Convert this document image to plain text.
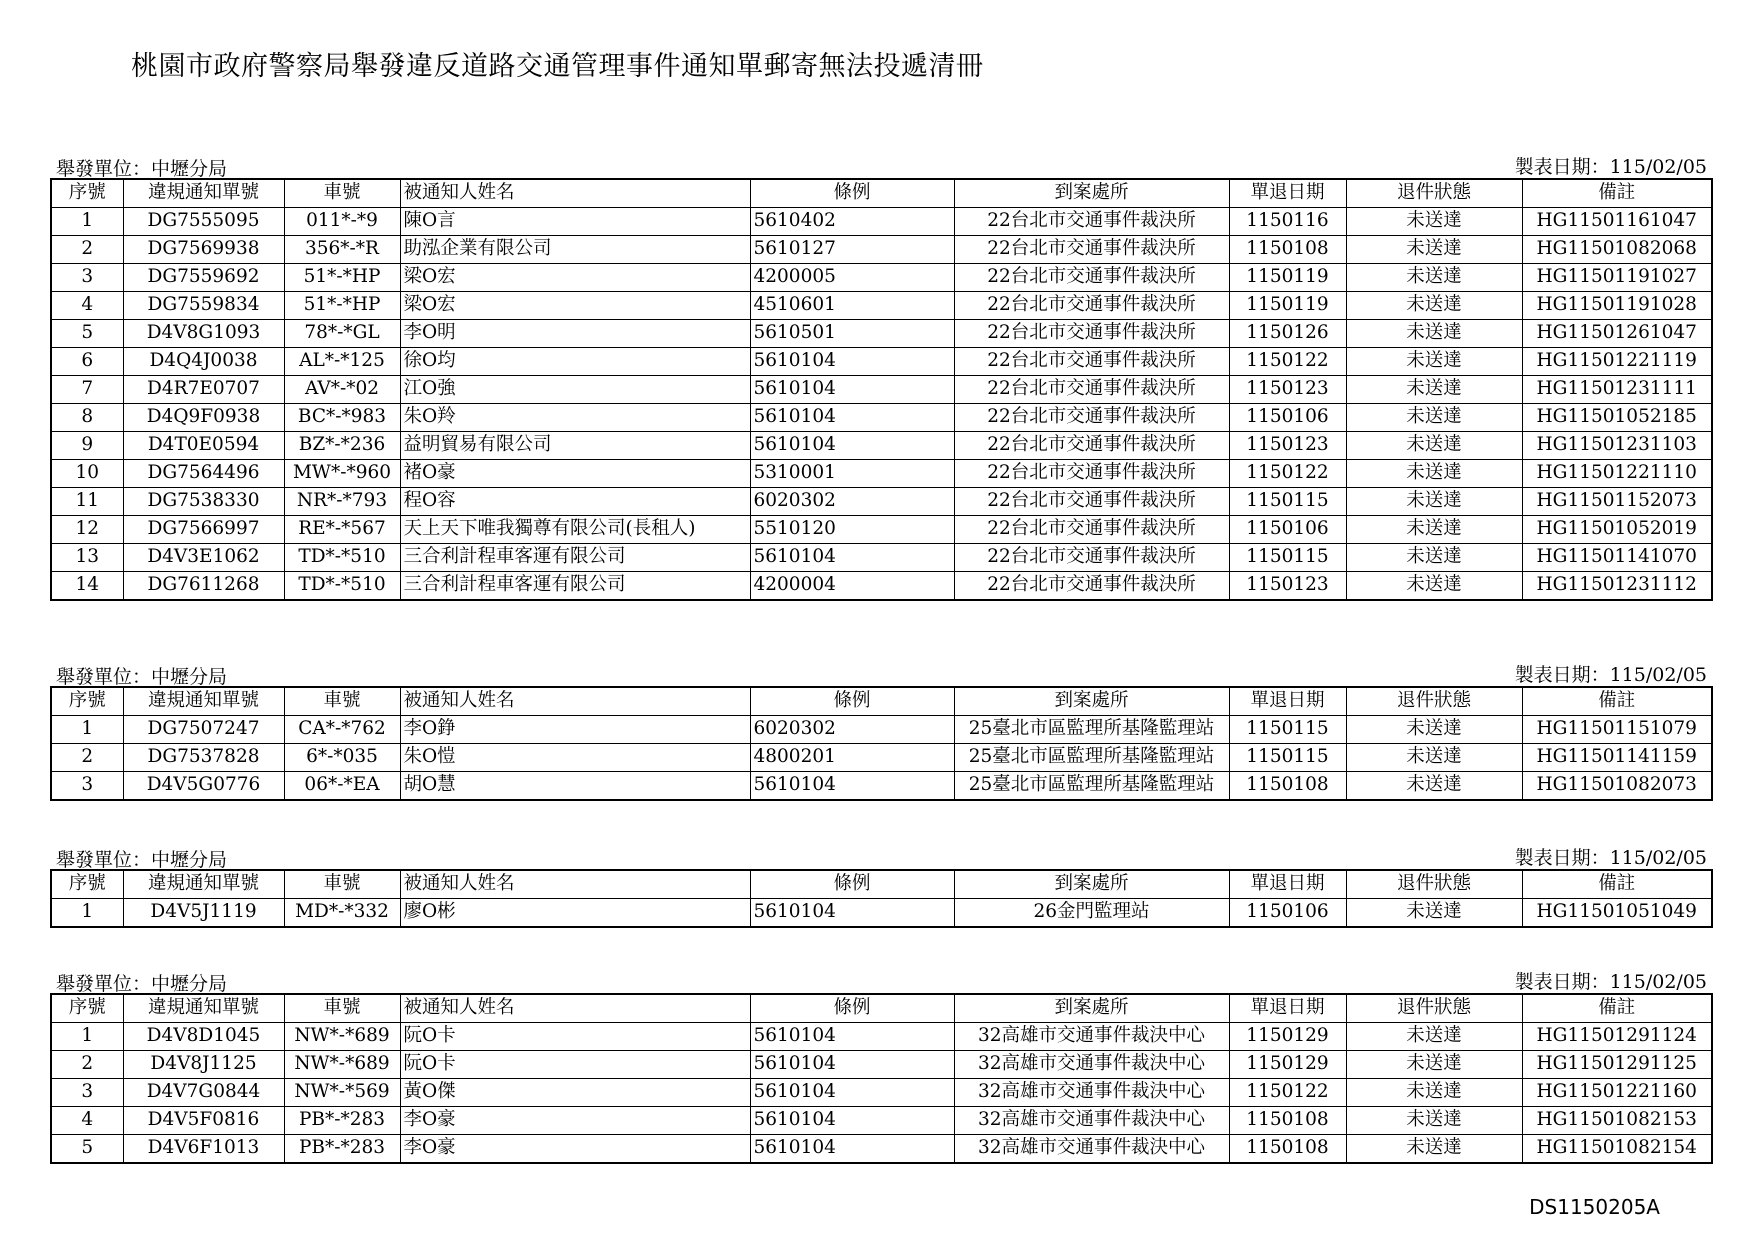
桃園市政府警察局舉發違反道路交通管理事件通知單郵寄無法投遞清冊
舉發單位：中壢分局	製表日期：115/02/05
序號	違規通知單號	車號	被通知人姓名	條例	到案處所	單退日期	退件狀態	備註
1	DG7555095	011*-*9	陳O言	5610402	22台北市交通事件裁決所	1150116	未送達	HG11501161047
2	DG7569938	356*-*R	助泓企業有限公司	5610127	22台北市交通事件裁決所	1150108	未送達	HG11501082068
3	DG7559692	51*-*HP	梁O宏	4200005	22台北市交通事件裁決所	1150119	未送達	HG11501191027
4	DG7559834	51*-*HP	梁O宏	4510601	22台北市交通事件裁決所	1150119	未送達	HG11501191028
5	D4V8G1093	78*-*GL	李O明	5610501	22台北市交通事件裁決所	1150126	未送達	HG11501261047
6	D4Q4J0038	AL*-*125	徐O均	5610104	22台北市交通事件裁決所	1150122	未送達	HG11501221119
7	D4R7E0707	AV*-*02	江O強	5610104	22台北市交通事件裁決所	1150123	未送達	HG11501231111
8	D4Q9F0938	BC*-*983	朱O羚	5610104	22台北市交通事件裁決所	1150106	未送達	HG11501052185
9	D4T0E0594	BZ*-*236	益明貿易有限公司	5610104	22台北市交通事件裁決所	1150123	未送達	HG11501231103
10	DG7564496	MW*-*960	褚O豪	5310001	22台北市交通事件裁決所	1150122	未送達	HG11501221110
11	DG7538330	NR*-*793	程O容	6020302	22台北市交通事件裁決所	1150115	未送達	HG11501152073
12	DG7566997	RE*-*567	天上天下唯我獨尊有限公司(長租人)	5510120	22台北市交通事件裁決所	1150106	未送達	HG11501052019
13	D4V3E1062	TD*-*510	三合利計程車客運有限公司	5610104	22台北市交通事件裁決所	1150115	未送達	HG11501141070
14	DG7611268	TD*-*510	三合利計程車客運有限公司	4200004	22台北市交通事件裁決所	1150123	未送達	HG11501231112
舉發單位：中壢分局	製表日期：115/02/05
序號	違規通知單號	車號	被通知人姓名	條例	到案處所	單退日期	退件狀態	備註
1	DG7507247	CA*-*762	李O錚	6020302	25臺北市區監理所基隆監理站	1150115	未送達	HG11501151079
2	DG7537828	6*-*035	朱O愷	4800201	25臺北市區監理所基隆監理站	1150115	未送達	HG11501141159
3	D4V5G0776	06*-*EA	胡O慧	5610104	25臺北市區監理所基隆監理站	1150108	未送達	HG11501082073
舉發單位：中壢分局	製表日期：115/02/05
序號	違規通知單號	車號	被通知人姓名	條例	到案處所	單退日期	退件狀態	備註
1	D4V5J1119	MD*-*332	廖O彬	5610104	26金門監理站	1150106	未送達	HG11501051049
舉發單位：中壢分局	製表日期：115/02/05
序號	違規通知單號	車號	被通知人姓名	條例	到案處所	單退日期	退件狀態	備註
1	D4V8D1045	NW*-*689	阮O卡	5610104	32高雄市交通事件裁決中心	1150129	未送達	HG11501291124
2	D4V8J1125	NW*-*689	阮O卡	5610104	32高雄市交通事件裁決中心	1150129	未送達	HG11501291125
3	D4V7G0844	NW*-*569	黃O傑	5610104	32高雄市交通事件裁決中心	1150122	未送達	HG11501221160
4	D4V5F0816	PB*-*283	李O豪	5610104	32高雄市交通事件裁決中心	1150108	未送達	HG11501082153
5	D4V6F1013	PB*-*283	李O豪	5610104	32高雄市交通事件裁決中心	1150108	未送達	HG11501082154
DS1150205A
